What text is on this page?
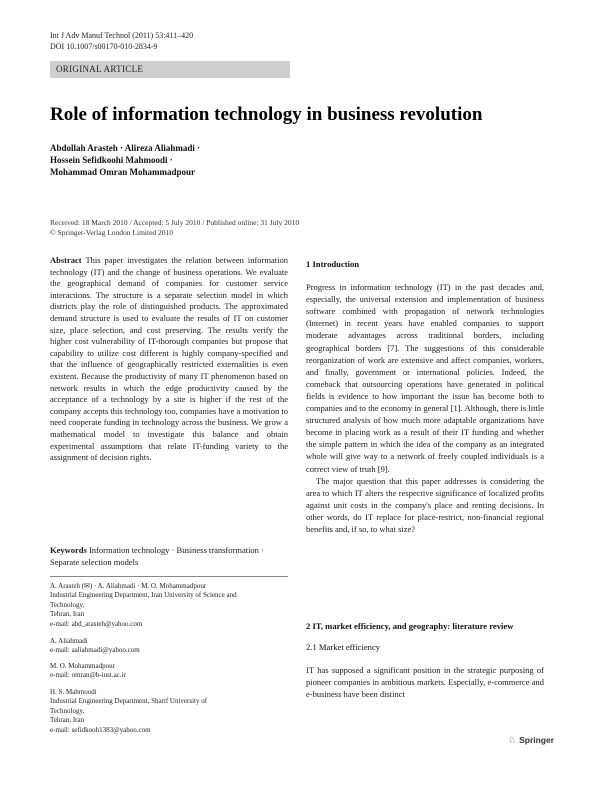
Int J Adv Manuf Technol (2011) 53:411–420
DOI 10.1007/s00170-010-2834-9
ORIGINAL ARTICLE
Role of information technology in business revolution
Abdollah Arasteh · Alireza Aliahmadi ·
Hossein Sefidkoohi Mahmoodi ·
Mohammad Omran Mohammadpour
Received: 18 March 2010 / Accepted: 5 July 2010 / Published online: 31 July 2010
© Springer-Verlag London Limited 2010
Abstract This paper investigates the relation between information technology (IT) and the change of business operations. We evaluate the geographical demand of companies for customer service interactions. The structure is a separate selection model in which districts play the role of distinguished products. The approximated demand structure is used to evaluate the results of IT on customer size, place selection, and cost preserving. The results verify the higher cost vulnerability of IT-thorough companies but propose that capability to utilize cost different is highly company-specified and that the influence of geographically restricted externalities is even existent. Because the productivity of many IT phenomenon based on network results in which the edge productivity caused by the acceptance of a technology by a site is higher if the rest of the company accepts this technology too, companies have a motivation to need cooperate funding in technology across the business. We grow a mathematical model to investigate this balance and obtain experimental assumptions that relate IT-funding variety to the assignment of decision rights.
Keywords Information technology · Business transformation · Separate selection models
A. Arasteh (✉) · A. Aliahmadi · M. O. Mohammadpour
Industrial Engineering Department, Iran University of Science and
Technology,
Tehran, Iran
e-mail: abd_arasteh@yahoo.com
A. Aliahmadi
e-mail: aaliahmadi@yahoo.com
M. O. Mohammadpour
e-mail: omran@b-iust.ac.ir
H. S. Mahmoodi
Industrial Engineering Department, Sharif University of
Technology,
Tehran, Iran
e-mail: sefidkooh1383@yahoo.com
1 Introduction

Progress in information technology (IT) in the past decades and, especially, the universal extension and implementation of business software combined with propagation of network technologies (Internet) in recent years have enabled companies to support moderate advantages across traditional borders, including geographical borders [7]. The suggestions of this considerable reorganization of work are extensive and affect companies, workers, and finally, government or international policies. Indeed, the comeback that outsourcing operations have generated in political fields is evidence to how important the issue has become both to companies and to the economy in general [1]. Although, there is little structured analysis of how much more adaptable organizations have become in placing work as a result of their IT funding and whether the simple pattern in which the idea of the company as an integrated whole will give way to a network of freely coupled individuals is a correct view of truth [9].

The major question that this paper addresses is considering the area to which IT alters the respective significance of localized profits against unit costs in the company's place and renting decisions. In other words, do IT replace for place-restrict, non-financial regional benefits and, if so, to what size?

2 IT, market efficiency, and geography: literature review
2.1 Market efficiency

IT has supposed a significant position in the strategic purposing of pioneer companies in ambitious markets. Especially, e-commerce and e-business have been distinct

♘ Springer
